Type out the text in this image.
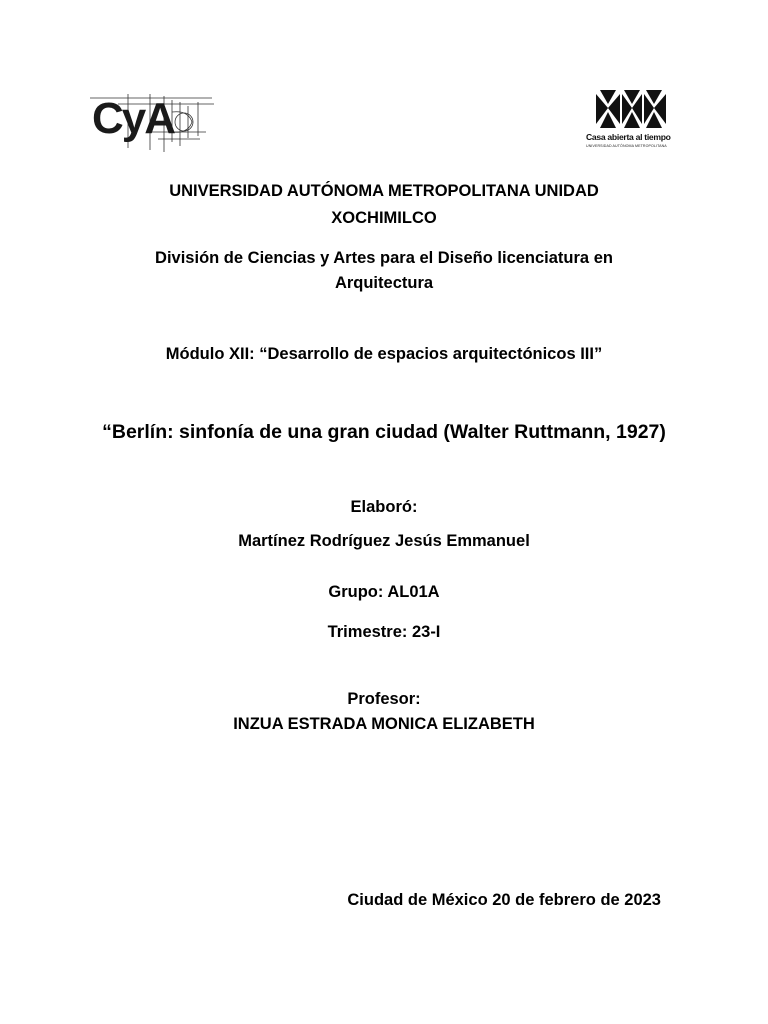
CyA	Casa abierta al tiempo
UNIVERSIDAD AUTÓNOMA METROPOLITANA
UNIVERSIDAD AUTÓNOMA METROPOLITANA UNIDAD
XOCHIMILCO
División de Ciencias y Artes para el Diseño licenciatura en
Arquitectura
Módulo XII: “Desarrollo de espacios arquitectónicos III”
“Berlín: sinfonía de una gran ciudad (Walter Ruttmann, 1927)
Elaboró:
Martínez Rodríguez Jesús Emmanuel
Grupo: AL01A
Trimestre: 23-I
Profesor:
INZUA ESTRADA MONICA ELIZABETH
Ciudad de México 20 de febrero de 2023
